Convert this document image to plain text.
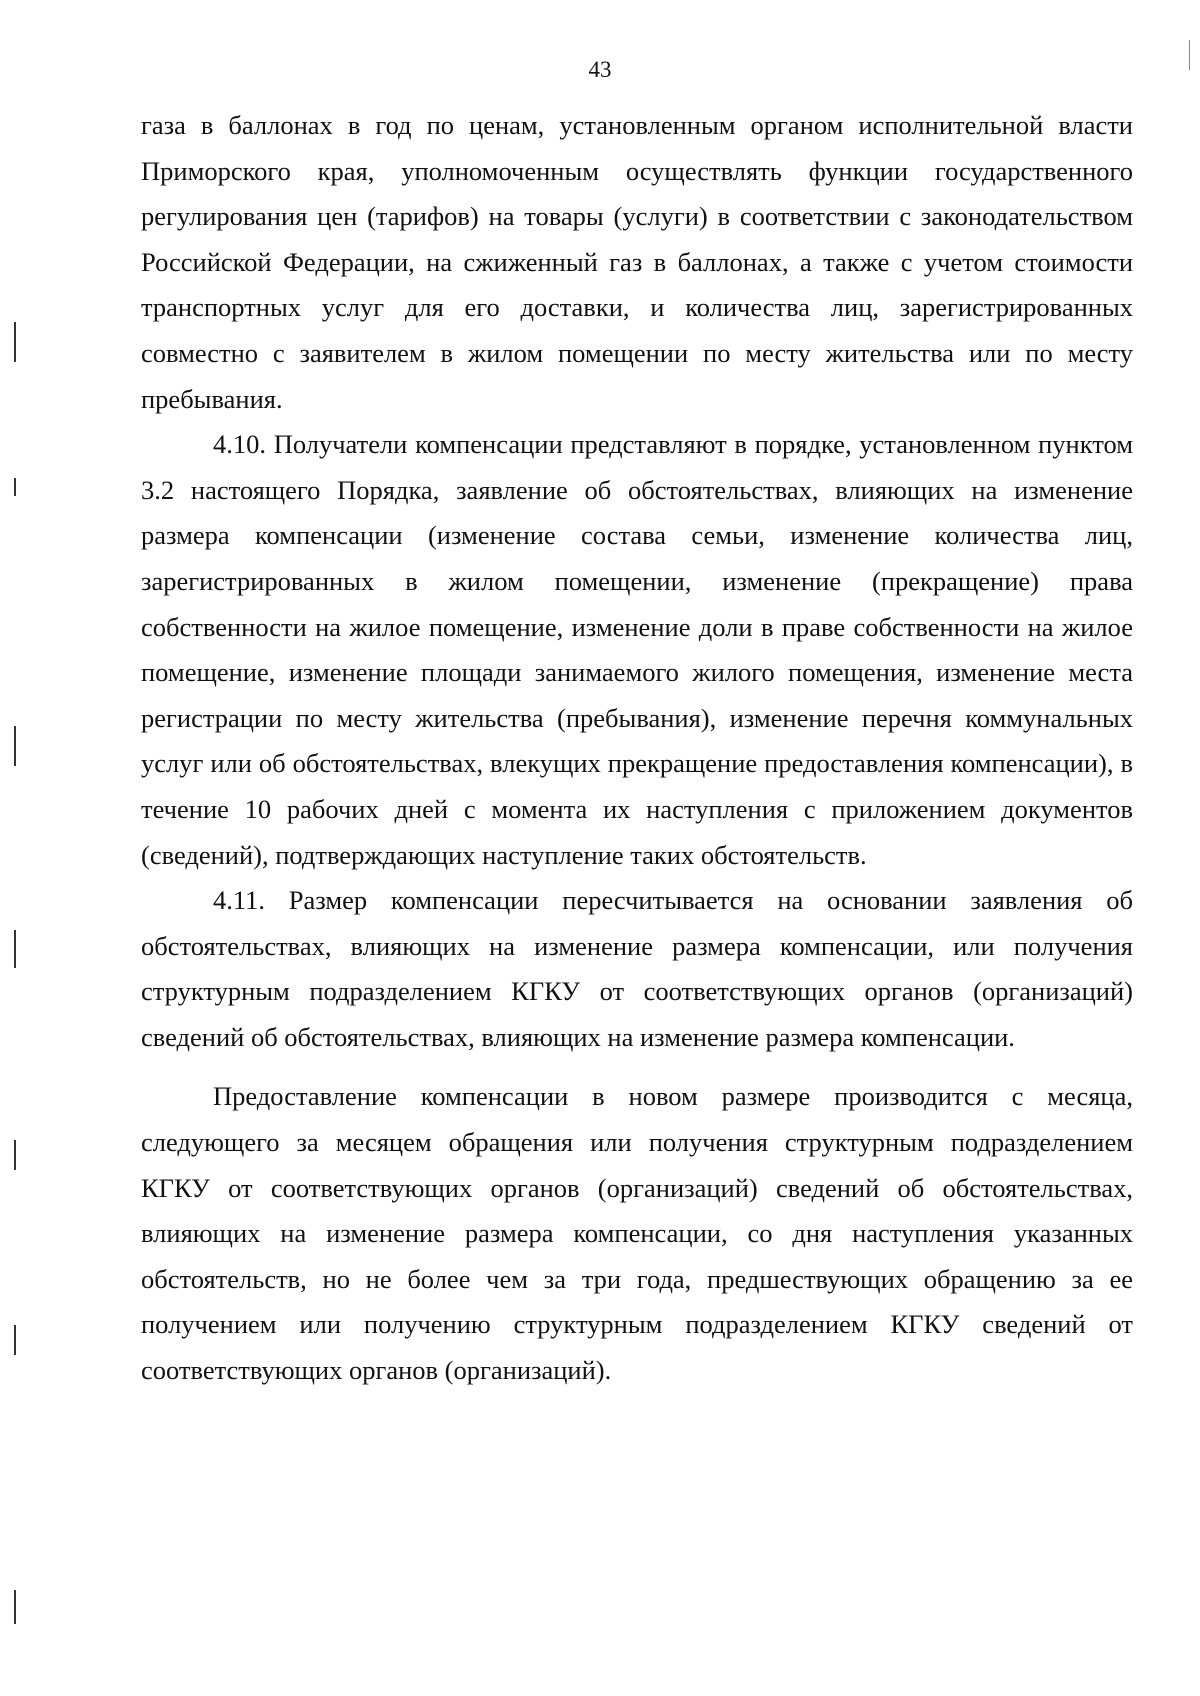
43

газа в баллонах в год по ценам, установленным органом исполнительной власти Приморского края, уполномоченным осуществлять функции государственного регулирования цен (тарифов) на товары (услуги) в соответствии с законодательством Российской Федерации, на сжиженный газ в баллонах, а также с учетом стоимости транспортных услуг для его доставки, и количества лиц, зарегистрированных совместно с заявителем в жилом помещении по месту жительства или по месту пребывания.

4.10. Получатели компенсации представляют в порядке, установленном пунктом 3.2 настоящего Порядка, заявление об обстоятельствах, влияющих на изменение размера компенсации (изменение состава семьи, изменение количества лиц, зарегистрированных в жилом помещении, изменение (прекращение) права собственности на жилое помещение, изменение доли в праве собственности на жилое помещение, изменение площади занимаемого жилого помещения, изменение места регистрации по месту жительства (пребывания), изменение перечня коммунальных услуг или об обстоятельствах, влекущих прекращение предоставления компенсации), в течение 10 рабочих дней с момента их наступления с приложением документов (сведений), подтверждающих наступление таких обстоятельств.

4.11. Размер компенсации пересчитывается на основании заявления об обстоятельствах, влияющих на изменение размера компенсации, или получения структурным подразделением КГКУ от соответствующих органов (организаций) сведений об обстоятельствах, влияющих на изменение размера компенсации.

Предоставление компенсации в новом размере производится с месяца, следующего за месяцем обращения или получения структурным подразделением КГКУ от соответствующих органов (организаций) сведений об обстоятельствах, влияющих на изменение размера компенсации, со дня наступления указанных обстоятельств, но не более чем за три года, предшествующих обращению за ее получением или получению структурным подразделением КГКУ сведений от соответствующих органов (организаций).
